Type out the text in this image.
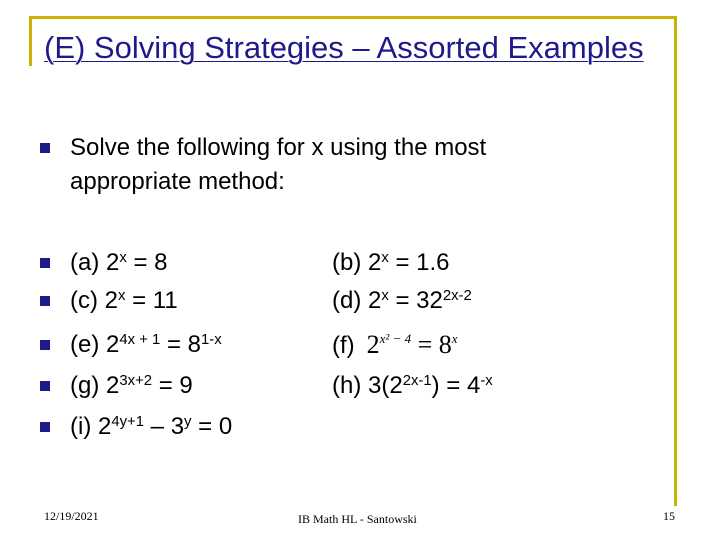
(E) Solving Strategies – Assorted Examples
Solve the following for x using the most appropriate method:
(a) $2^x = 8$
(c) $2^x = 11$
(e) $2^{4x + 1} = 8^{1-x}$
(g) $2^{3x+2} = 9$
(i) $2^{4y+1} - 3^y = 0$
(b) $2^x = 1.6$
(d) $2^x = 32^{2x-2}$
(f) $2^{x^2 - 4} = 8^x$
(h) $3(2^{2x-1}) = 4^{-x}$
12/19/2021	IB Math HL - Santowski	15
